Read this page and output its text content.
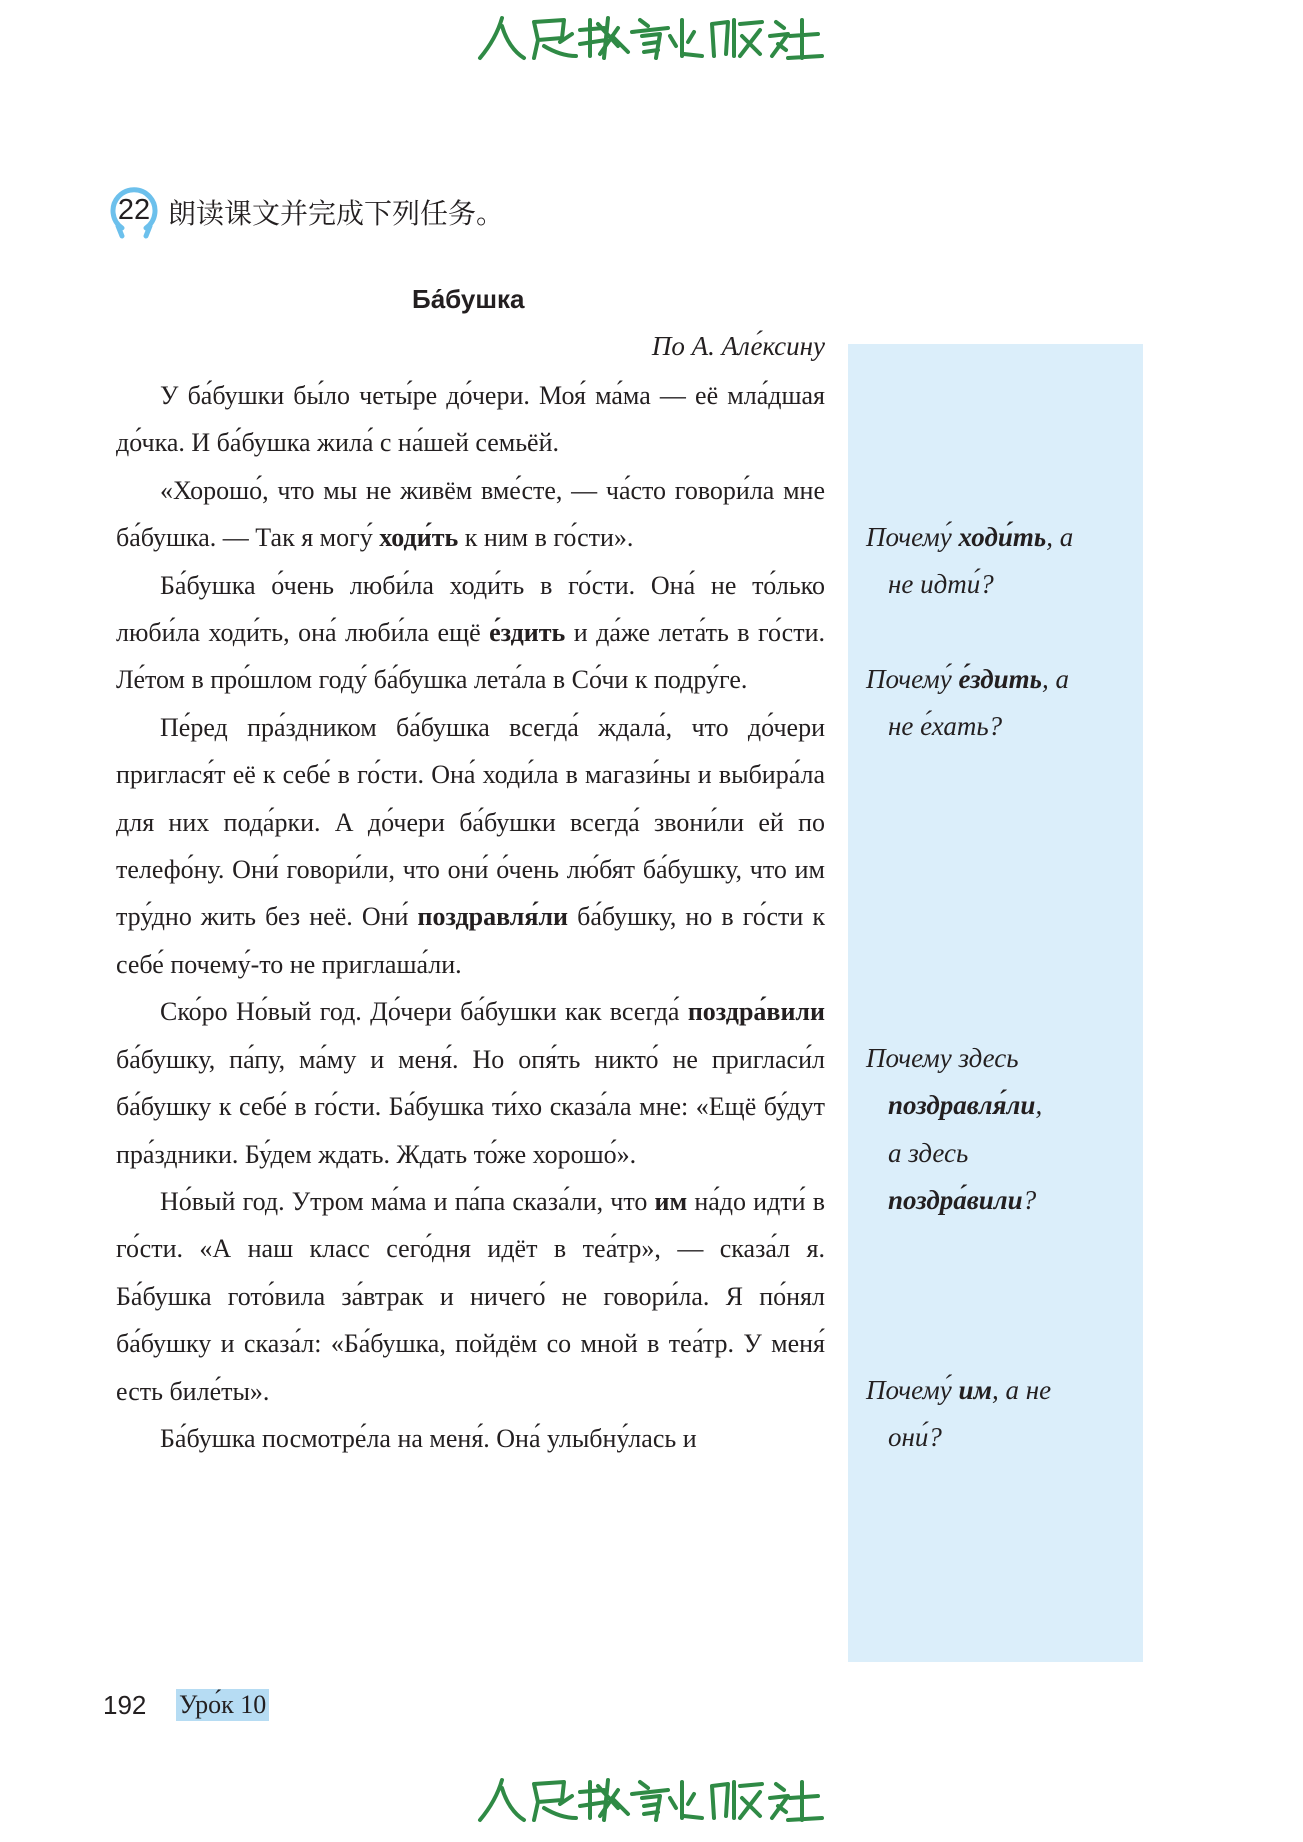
22 朗读课文并完成下列任务。
Ба́бушка
По А. Але́ксину
У ба́бушки бы́ло четы́ре до́чери. Моя́ ма́ма — её мла́дшая до́чка. И ба́бушка жила́ с на́шей семьёй.
«Хорошо́, что мы не живём вме́сте, — ча́сто говори́ла мне ба́бушка. — Так я могу́ ходи́ть к ним в го́сти».
Ба́бушка о́чень люби́ла ходи́ть в го́сти. Она́ не то́лько люби́ла ходи́ть, она́ люби́ла ещё е́здить и да́же лета́ть в го́сти. Ле́том в про́шлом году́ ба́бушка лета́ла в Со́чи к подру́ге.
Пе́ред пра́здником ба́бушка всегда́ ждала́, что до́чери приглася́т её к себе́ в го́сти. Она́ ходи́ла в магази́ны и выбира́ла для них пода́рки. А до́чери ба́бушки всегда́ звони́ли ей по телефо́ну. Они́ говори́ли, что они́ о́чень лю́бят ба́бушку, что им тру́дно жить без неё. Они́ поздравля́ли ба́бушку, но в го́сти к себе́ почему́-то не приглаша́ли.
Ско́ро Но́вый год. До́чери ба́бушки как всегда́ поздра́вили ба́бушку, па́пу, ма́му и меня́. Но опя́ть никто́ не пригласи́л ба́бушку к себе́ в го́сти. Ба́бушка ти́хо сказа́ла мне: «Ещё бу́дут пра́здники. Бу́дем ждать. Ждать то́же хорошо́».
Но́вый год. Утром ма́ма и па́па сказа́ли, что им на́до идти́ в го́сти. «А наш класс сего́дня идёт в теа́тр», — сказа́л я. Ба́бушка гото́вила за́втрак и ничего́ не говори́ла. Я по́нял ба́бушку и сказа́л: «Ба́бушка, пойдём со мной в теа́тр. У меня́ есть биле́ты».
Ба́бушка посмотре́ла на меня́. Она́ улыбну́лась и
Почему́ ходи́ть, а
не идти́?
Почему́ е́здить, а
не е́хать?
Почему здесь
поздравля́ли,
а здесь
поздра́вили?
Почему́ им, а не
они́?
192 Уро́к 10
